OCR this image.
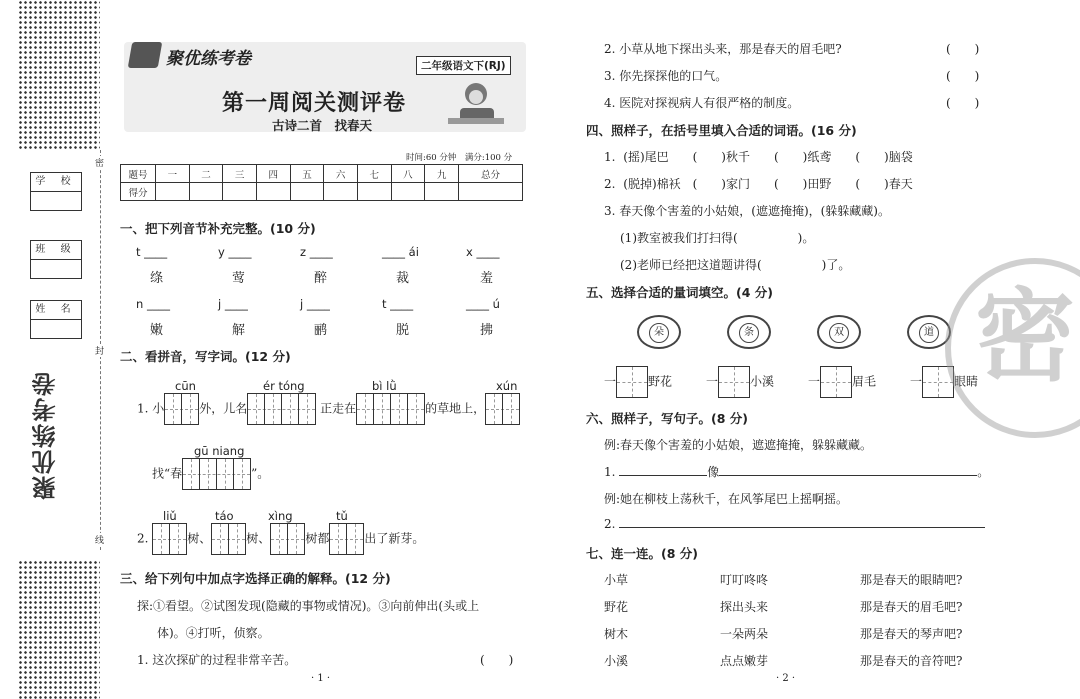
学 校
班 级
姓 名
聚优练考卷
密
封
线
聚优练考卷	二年级语文下(RJ)
第一周阅关测评卷
古诗二首　找春天
时间:60 分钟　满分:100 分
题号	一	二	三	四	五	六	七	八	九	总分
得分										
一、把下列音节补充完整。(10 分)
t ____	y ____	z ____	____ ái	x ____
绦	莺	醉	裁	羞
n ____	j ____	j ____	t ____	____ ú
嫩	解	鹂	脱	拂
二、看拼音，写字词。(12 分)
cūn	ér tóng	bì lǜ	xún
1. 小	外，儿名	正走在	的草地上，
gū niang
找“春	”。
liǔ	táo	xìng	tǔ
2.	树、	树、	树都	出了新芽。
三、给下列句中加点字选择正确的解释。(12 分)
探:①看望。②试图发现(隐藏的事物或情况)。③向前伸出(头或上
体)。④打听，侦察。
1. 这次探矿的过程非常辛苦。	(　　)
· 1 ·
2. 小草从地下探出头来，那是春天的眉毛吧?	(　　)
3. 你先探探他的口气。	(　　)
4. 医院对探视病人有很严格的制度。	(　　)
四、照样子，在括号里填入合适的词语。(16 分)
1. (摇)尾巴　　(　　)秋千　　(　　)纸鸢　　(　　)脑袋
2. (脱掉)棉袄　(　　)家门　　(　　)田野　　(　　)春天
3. 春天像个害羞的小姑娘，(遮遮掩掩)，(躲躲藏藏)。
(1)教室被我们打扫得(　　　　　)。
(2)老师已经把这道题讲得(　　　　　)了。
五、选择合适的量词填空。(4 分)
朵	条	双	道
一	野花	一	小溪	一	眉毛	一	眼睛
六、照样子，写句子。(8 分)
例:春天像个害羞的小姑娘，遮遮掩掩，躲躲藏藏。
1.	像	。
例:她在柳枝上荡秋千，在风筝尾巴上摇啊摇。
2.
七、连一连。(8 分)
小草
野花
树木
小溪
叮叮咚咚
探出头来
一朵两朵
点点嫩芽
那是春天的眼睛吧?
那是春天的眉毛吧?
那是春天的琴声吧?
那是春天的音符吧?
· 2 ·
密
